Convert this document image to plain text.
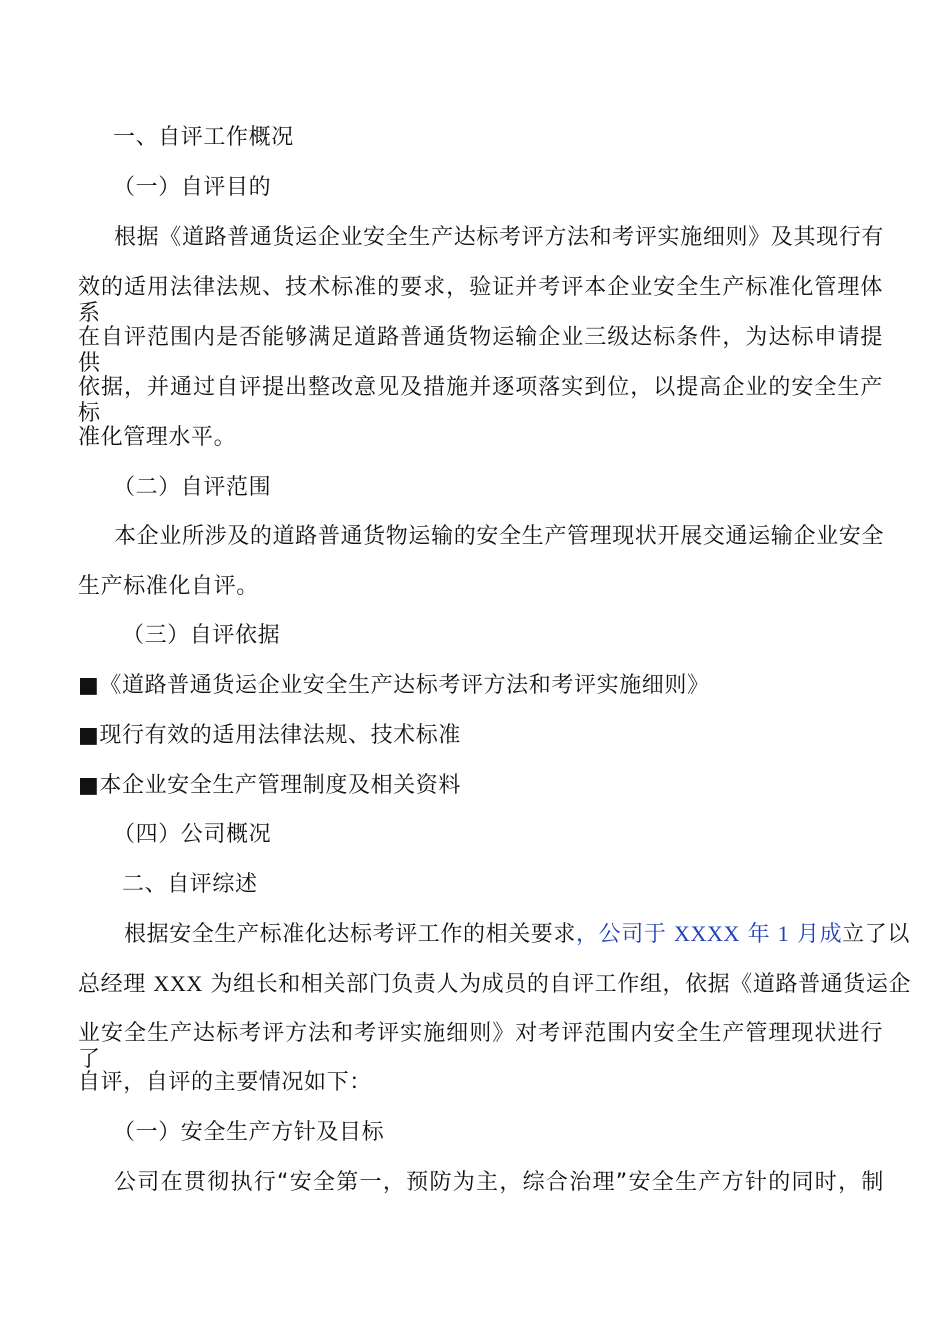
一、自评工作概况
（一）自评目的
根据《道路普通货运企业安全生产达标考评方法和考评实施细则》及其现行有
效的适用法律法规、技术标准的要求，验证并考评本企业安全生产标准化管理体系
在自评范围内是否能够满足道路普通货物运输企业三级达标条件，为达标申请提供
依据，并通过自评提出整改意见及措施并逐项落实到位，以提高企业的安全生产标
准化管理水平。
（二）自评范围
本企业所涉及的道路普通货物运输的安全生产管理现状开展交通运输企业安全
生产标准化自评。
（三）自评依据
■《道路普通货运企业安全生产达标考评方法和考评实施细则》
■现行有效的适用法律法规、技术标准
■本企业安全生产管理制度及相关资料
（四）公司概况
二、自评综述
根据安全生产标准化达标考评工作的相关要求，公司于 XXXX 年 1 月成立了以
总经理 XXX 为组长和相关部门负责人为成员的自评工作组，依据《道路普通货运企
业安全生产达标考评方法和考评实施细则》对考评范围内安全生产管理现状进行了
自评，自评的主要情况如下：
（一）安全生产方针及目标
公司在贯彻执行“安全第一，预防为主，综合治理”安全生产方针的同时，制
